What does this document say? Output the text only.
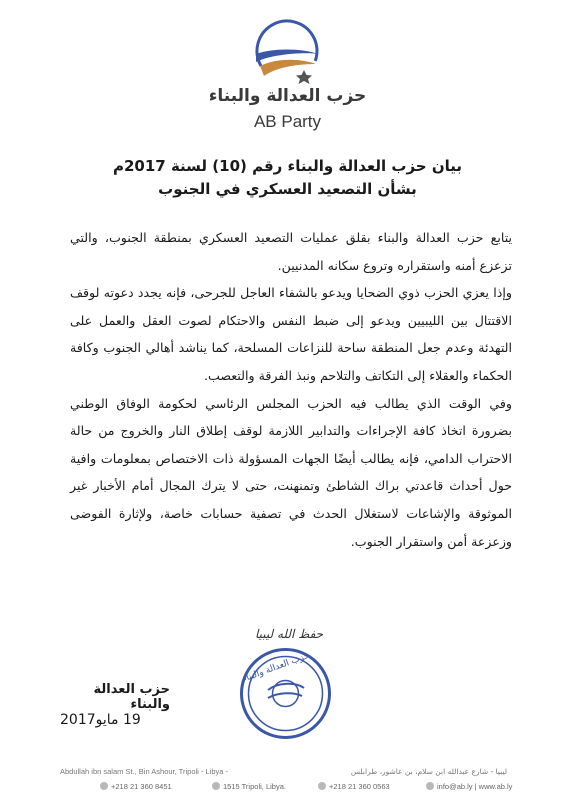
حزب العدالة والبناء
AB Party
بيان حزب العدالة والبناء رقم (10) لسنة 2017م
بشأن التصعيد العسكري في الجنوب

يتابع حزب العدالة والبناء بقلق عمليات التصعيد العسكري بمنطقة الجنوب، والتي تزعزع أمنه واستقراره وتروع سكانه المدنيين.

وإذا يعزي الحزب ذوي الضحايا ويدعو بالشفاء العاجل للجرحى، فإنه يجدد دعوته لوقف الاقتتال بين الليبيين ويدعو إلى ضبط النفس والاحتكام لصوت العقل والعمل على التهدئة وعدم جعل المنطقة ساحة للنزاعات المسلحة، كما يناشد أهالي الجنوب وكافة الحكماء والعقلاء إلى التكاتف والتلاحم ونبذ الفرقة والتعصب.

وفي الوقت الذي يطالب فيه الحزب المجلس الرئاسي لحكومة الوفاق الوطني بضرورة اتخاذ كافة الإجراءات والتدابير اللازمة لوقف إطلاق النار والخروج من حالة الاحتراب الدامي، فإنه يطالب أيضًا الجهات المسؤولة ذات الاختصاص بمعلومات وافية حول أحداث قاعدتي براك الشاطئ وتمنهنت، حتى لا يترك المجال أمام الأخبار غير الموثوقة والإشاعات لاستغلال الحدث في تصفية حسابات خاصة، ولإثارة الفوضى وزعزعة أمن واستقرار الجنوب.

حفظ الله ليبيا
حزب العدالة والبناء
حزب العدالة والبناء
19 مايو2017
Abdullah ibn salam St., Bin Ashour, Tripoli - Libya -	ليبيا - شارع عبدالله ابن سلام، بن عاشور، طرابلس
+218 21 360 8451	1515 Tripoli, Libya.	+218 21 360 0563	info@ab.ly | www.ab.ly
